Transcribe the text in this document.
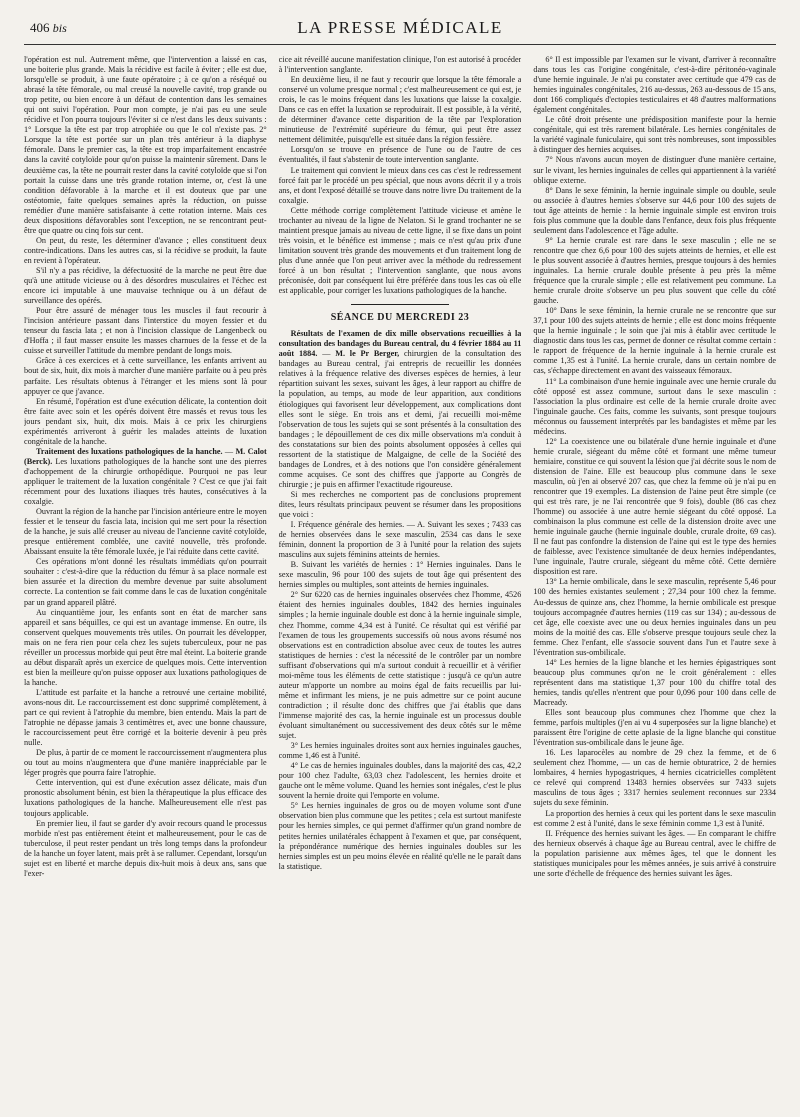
406 bis	LA PRESSE MÉDICALE

l'opération est nul. Autrement même, que l'intervention a laissé en cas, une boiterie plus grande. Mais la récidive est facile à éviter ; elle est due, lorsqu'elle se produit, à une faute opératoire ; à ce qu'on a réséqué ou abrasé la tête fémorale, ou mal creusé la nouvelle cavité, trop grande ou trop petite, ou bien encore à un défaut de contention dans les semaines qui ont suivi l'opération. Pour mon compte, je n'ai pas eu une seule récidive et l'on pourra toujours l'éviter si ce n'est dans les deux suivants : 1° Lorsque la tête est par trop atrophiée ou que le col n'existe pas. 2° Lorsque la tête est portée sur un plan très antérieur à la diaphyse fémorale. Dans le premier cas, la tête est trop imparfaitement encastrée dans la cavité cotyloïde pour qu'on puisse la maintenir sûrement. Dans le deuxième cas, la tête ne pourrait rester dans la cavité cotyloïde que si l'on portait la cuisse dans une très grande rotation interne, or, c'est là une condition défavorable à la marche et il est douteux que par une ostéotomie, faite quelques semaines après la réduction, on puisse remédier d'une manière satisfaisante à cette rotation interne. Mais ces deux dispositions défavorables sont l'exception, ne se rencontrant peut-être que quatre ou cinq fois sur cent.

On peut, du reste, les déterminer d'avance ; elles constituent deux contre-indications. Dans les autres cas, si la récidive se produit, la faute en revient à l'opérateur.

S'il n'y a pas récidive, la défectuosité de la marche ne peut être due qu'à une attitude vicieuse ou à des désordres musculaires et l'échec est encore ici imputable à une mauvaise technique ou à un défaut de surveillance des opérés.

Pour être assuré de ménager tous les muscles il faut recourir à l'incision antérieure passant dans l'interstice du moyen fessier et du tenseur du fascia lata ; et non à l'incision classique de Langenbeck ou d'Hoffa ; il faut masser ensuite les masses charnues de la fesse et de la cuisse et surveiller l'attitude du membre pendant de longs mois.

Grâce à ces exercices et à cette surveillance, les enfants arrivent au bout de six, huit, dix mois à marcher d'une manière parfaite ou à peu près parfaite. Les résultats obtenus à l'étranger et les miens sont là pour appuyer ce que j'avance.

En résumé, l'opération est d'une exécution délicate, la contention doit être faite avec soin et les opérés doivent être massés et revus tous les jours pendant six, huit, dix mois. Mais à ce prix les chirurgiens expérimentés arriveront à guérir les malades atteints de luxation congénitale de la hanche.

Traitement des luxations pathologiques de la hanche. — M. Calot (Berck). Les luxations pathologiques de la hanche sont une des pierres d'achoppement de la chirurgie orthopédique. Pourquoi ne pas leur appliquer le traitement de la luxation congénitale ? C'est ce que j'ai fait récemment pour des luxations iliaques très hautes, consécutives à la coxalgie.

Ouvrant la région de la hanche par l'incision antérieure entre le moyen fessier et le tenseur du fascia lata, incision qui me sert pour la résection de la hanche, je suis allé creuser au niveau de l'ancienne cavité cotyloïde, presque entièrement comblée, une cavité nouvelle, très profonde. Abaissant ensuite la tête fémorale luxée, je l'ai réduite dans cette cavité.

Ces opérations m'ont donné les résultats immédiats qu'on pourrait souhaiter : c'est-à-dire que la réduction du fémur à sa place normale est bien assurée et la direction du membre devenue par suite absolument correcte. La contention se fait comme dans le cas de luxation congénitale par un grand appareil plâtré.

Au cinquantième jour, les enfants sont en état de marcher sans appareil et sans béquilles, ce qui est un avantage immense. En outre, ils conservent quelques mouvements très utiles. On pourrait les développer, mais on ne fera rien pour cela chez les sujets tuberculeux, pour ne pas réveiller un processus morbide qui peut être mal éteint. La boiterie grande au début disparaît après un exercice de quelques mois. Cette intervention est bien la meilleure qu'on puisse opposer aux luxations pathologiques de la hanche.

L'attitude est parfaite et la hanche a retrouvé une certaine mobilité, avons-nous dit. Le raccourcissement est donc supprimé complètement, à part ce qui revient à l'atrophie du membre, bien entendu. Mais la part de l'atrophie ne dépasse jamais 3 centimètres et, avec une bonne chaussure, le raccourcissement peut être corrigé et la boiterie devenir à peu près nulle.

De plus, à partir de ce moment le raccourcissement n'augmentera plus ou tout au moins n'augmentera que d'une manière inappréciable par le léger progrès que pourra faire l'atrophie.

Cette intervention, qui est d'une exécution assez délicate, mais d'un pronostic absolument bénin, est bien la thérapeutique la plus efficace des luxations pathologiques de la hanche. Malheureusement elle n'est pas toujours applicable.

En premier lieu, il faut se garder d'y avoir recours quand le processus morbide n'est pas entièrement éteint et malheureusement, pour le cas de tuberculose, il peut rester pendant un très long temps dans la profondeur de la hanche un foyer latent, mais prêt à se rallumer. Cependant, lorsqu'un sujet est en liberté et marche depuis dix-huit mois à deux ans, sans que l'exer-

cice ait réveillé aucune manifestation clinique, l'on est autorisé à procéder à l'intervention sanglante.

En deuxième lieu, il ne faut y recourir que lorsque la tête fémorale a conservé un volume presque normal ; c'est malheureusement ce qui est, je crois, le cas le moins fréquent dans les luxations que laisse la coxalgie. Dans ce cas en effet la luxation se reproduirait. Il est possible, à la vérité, de déterminer d'avance cette disparition de la tête par l'exploration minutieuse de l'extrémité supérieure du fémur, qui peut être assez nettement délimitée, puisqu'elle est située dans la région fessière.

Lorsqu'on se trouve en présence de l'une ou de l'autre de ces éventualités, il faut s'abstenir de toute intervention sanglante.

Le traitement qui convient le mieux dans ces cas c'est le redressement forcé fait par le procédé un peu spécial, que nous avons décrit il y a trois ans, et dont l'exposé détaillé se trouve dans notre livre Du traitement de la coxalgie.

Cette méthode corrige complètement l'attitude vicieuse et amène le trochanter au niveau de la ligne de Nelaton. Si le grand trochanter ne se maintient presque jamais au niveau de cette ligne, il se fixe dans un point très voisin, et le bénéfice est immense ; mais ce n'est qu'au prix d'une limitation souvent très grande des mouvements et d'un traitement long de plus d'une année que l'on peut arriver avec la méthode du redressement forcé à un bon résultat ; l'intervention sanglante, que nous avons préconisée, doit par conséquent lui être préférée dans tous les cas où elle est applicable, pour corriger les luxations pathologiques de la hanche.

SÉANCE DU MERCREDI 23

Résultats de l'examen de dix mille observations recueillies à la consultation des bandages du Bureau central, du 4 février 1884 au 11 août 1884. — M. le Pr Berger, chirurgien de la consultation des bandages au Bureau central, j'ai entrepris de recueillir les données relatives à la fréquence relative des diverses espèces de hernies, à leur répartition suivant les sexes, suivant les âges, à leur rapport au chiffre de la population, au temps, au mode de leur apparition, aux conditions étiologiques qui favorisent leur développement, aux complications dont elles sont le siège. En trois ans et demi, j'ai recueilli moi-même l'observation de tous les sujets qui se sont présentés à la consultation des bandages ; le dépouillement de ces dix mille observations m'a conduit à des constatations sur bien des points absolument opposées à celles qui ressortent de la statistique de Malgaigne, de celle de la Société des bandages de Londres, et à des notions que l'on considère généralement comme acquises. Ce sont des chiffres que j'apporte au Congrès de chirurgie ; je puis en affirmer l'exactitude rigoureuse.

Si mes recherches ne comportent pas de conclusions proprement dites, leurs résultats principaux peuvent se résumer dans les propositions que voici :

I. Fréquence générale des hernies. — A. Suivant les sexes ; 7433 cas de hernies observées dans le sexe masculin, 2534 cas dans le sexe féminin, donnent la proportion de 3 à l'unité pour la relation des sujets masculins aux sujets féminins atteints de hernies.

B. Suivant les variétés de hernies : 1° Hernies inguinales. Dans le sexe masculin, 96 pour 100 des sujets de tout âge qui présentent des hernies simples ou multiples, sont atteints de hernies inguinales.

2° Sur 6220 cas de hernies inguinales observées chez l'homme, 4526 étaient des hernies inguinales doubles, 1842 des hernies inguinales simples ; la hernie inguinale double est donc à la hernie inguinale simple, chez l'homme, comme 4,34 est à l'unité. Ce résultat qui est vérifié par l'examen de tous les groupements successifs où nous avons résumé nos observations est en contradiction absolue avec ceux de toutes les autres statistiques de hernies : c'est la nécessité de le contrôler par un nombre suffisant d'observations qui m'a surtout conduit à recueillir et à vérifier moi-même tous les éléments de cette statistique : jusqu'à ce qu'un autre auteur m'apporte un nombre au moins égal de faits recueillis par lui-même et infirmant les miens, je ne puis admettre sur ce point aucune contradiction ; il résulte donc des chiffres que j'ai établis que dans l'immense majorité des cas, la hernie inguinale est un processus double évoluant simultanément ou successivement des deux côtés sur le même sujet.

3° Les hernies inguinales droites sont aux hernies inguinales gauches, comme 1,46 est à l'unité.

4° Le cas de hernies inguinales doubles, dans la majorité des cas, 42,2 pour 100 chez l'adulte, 63,03 chez l'adolescent, les hernies droite et gauche ont le même volume. Quand les hernies sont inégales, c'est le plus souvent la hernie droite qui l'emporte en volume.

5° Les hernies inguinales de gros ou de moyen volume sont d'une observation bien plus commune que les petites ; cela est surtout manifeste pour les hernies simples, ce qui permet d'affirmer qu'un grand nombre de petites hernies unilatérales échappent à l'examen et que, par conséquent, la prépondérance numérique des hernies inguinales doubles sur les hernies simples est un peu moins élevée en réalité qu'elle ne le paraît dans la statistique.

6° Il est impossible par l'examen sur le vivant, d'arriver à reconnaître dans tous les cas l'origine congénitale, c'est-à-dire péritonéo-vaginale d'une hernie inguinale. Je n'ai pu constater avec certitude que 479 cas de hernies inguinales congénitales, 216 au-dessus, 263 au-dessous de 15 ans, dont 166 compliqués d'ectopies testiculaires et 48 d'autres malformations également congénitales.

Le côté droit présente une prédisposition manifeste pour la hernie congénitale, qui est très rarement bilatérale. Les hernies congénitales de la variété vaginale funiculaire, qui sont très nombreuses, sont impossibles à distinguer des hernies acquises.

7° Nous n'avons aucun moyen de distinguer d'une manière certaine, sur le vivant, les hernies inguinales de celles qui appartiennent à la variété oblique externe.

8° Dans le sexe féminin, la hernie inguinale simple ou double, seule ou associée à d'autres hernies s'observe sur 44,6 pour 100 des sujets de tout âge atteints de hernie : la hernie inguinale simple est environ trois fois plus commune que la double dans l'enfance, deux fois plus fréquente seulement dans l'adolescence et l'âge adulte.

9° La hernie crurale est rare dans le sexe masculin ; elle ne se rencontre que chez 6,6 pour 100 des sujets atteints de hernies, et elle est le plus souvent associée à d'autres hernies, presque toujours à des hernies inguinales. La hernie crurale double présente à peu près la même fréquence que la crurale simple ; elle est relativement peu commune. La hernie crurale droite s'observe un peu plus souvent que celle du côté gauche.

10° Dans le sexe féminin, la hernie crurale ne se rencontre que sur 37,1 pour 100 des sujets atteints de hernie ; elle est donc moins fréquente que la hernie inguinale ; le soin que j'ai mis à établir avec certitude le diagnostic dans tous les cas, permet de donner ce résultat comme certain : le rapport de fréquence de la hernie inguinale à la hernie crurale est comme 1,35 est à l'unité. La hernie crurale, dans un certain nombre de cas, s'échappe directement en avant des vaisseaux fémoraux.

11° La combinaison d'une hernie inguinale avec une hernie crurale du côté opposé est assez commune, surtout dans le sexe masculin : l'association la plus ordinaire est celle de la hernie crurale droite avec l'inguinale gauche. Ces faits, comme les suivants, sont presque toujours méconnus ou faussement interprétés par les bandagistes et même par les médecins.

12° La coexistence une ou bilatérale d'une hernie inguinale et d'une hernie crurale, siégeant du même côté et formant une même tumeur herniaire, constitue ce qui souvent la lésion que j'ai décrite sous le nom de distension de l'aine. Elle est beaucoup plus commune dans le sexe masculin, où j'en ai observé 207 cas, que chez la femme où je n'ai pu en rencontrer que 19 exemples. La distension de l'aine peut être simple (ce qui est très rare, je ne l'ai rencontrée que 9 fois), double (86 cas chez l'homme) ou associée à une autre hernie siégeant du côté opposé. La combinaison la plus commune est celle de la distension droite avec une hernie inguinale gauche (hernie inguinale double, crurale droite, 69 cas). Il ne faut pas confondre la distension de l'aine qui est le type des hernies de faiblesse, avec l'existence simultanée de deux hernies indépendantes, l'une inguinale, l'autre crurale, siégeant du même côté. Cette dernière disposition est rare.

13° La hernie ombilicale, dans le sexe masculin, représente 5,46 pour 100 des hernies existantes seulement ; 27,34 pour 100 chez la femme. Au-dessus de quinze ans, chez l'homme, la hernie ombilicale est presque toujours accompagnée d'autres hernies (119 cas sur 134) ; au-dessous de cet âge, elle coexiste avec une ou deux hernies inguinales dans un peu moins de la moitié des cas. Elle s'observe presque toujours seule chez la femme. Chez l'enfant, elle s'associe souvent dans l'un et l'autre sexe à l'éventration sus-ombilicale.

14° Les hernies de la ligne blanche et les hernies épigastriques sont beaucoup plus communes qu'on ne le croit généralement : elles représentent dans ma statistique 1,37 pour 100 du chiffre total des hernies, tandis qu'elles n'entrent que pour 0,096 pour 100 dans celle de Macready.

Elles sont beaucoup plus communes chez l'homme que chez la femme, parfois multiples (j'en ai vu 4 superposées sur la ligne blanche) et paraissent être l'origine de cette aplasie de la ligne blanche qui constitue l'éventration sus-ombilicale dans le jeune âge.

16. Les laparocèles au nombre de 29 chez la femme, et de 6 seulement chez l'homme, — un cas de hernie obturatrice, 2 de hernies lombaires, 4 hernies hypogastriques, 4 hernies cicatricielles complètent ce relevé qui comprend 13483 hernies observées sur 7433 sujets masculins de tous âges ; 3317 hernies seulement reconnues sur 2334 sujets du sexe féminin.

La proportion des hernies à ceux qui les portent dans le sexe masculin est comme 2 est à l'unité, dans le sexe féminin comme 1,3 est à l'unité.

II. Fréquence des hernies suivant les âges. — En comparant le chiffre des hernieux observés à chaque âge au Bureau central, avec le chiffre de la population parisienne aux mêmes âges, tel que le donnent les statistiques municipales pour les mêmes années, je suis arrivé à construire une sorte d'échelle de fréquence des hernies suivant les âges.
